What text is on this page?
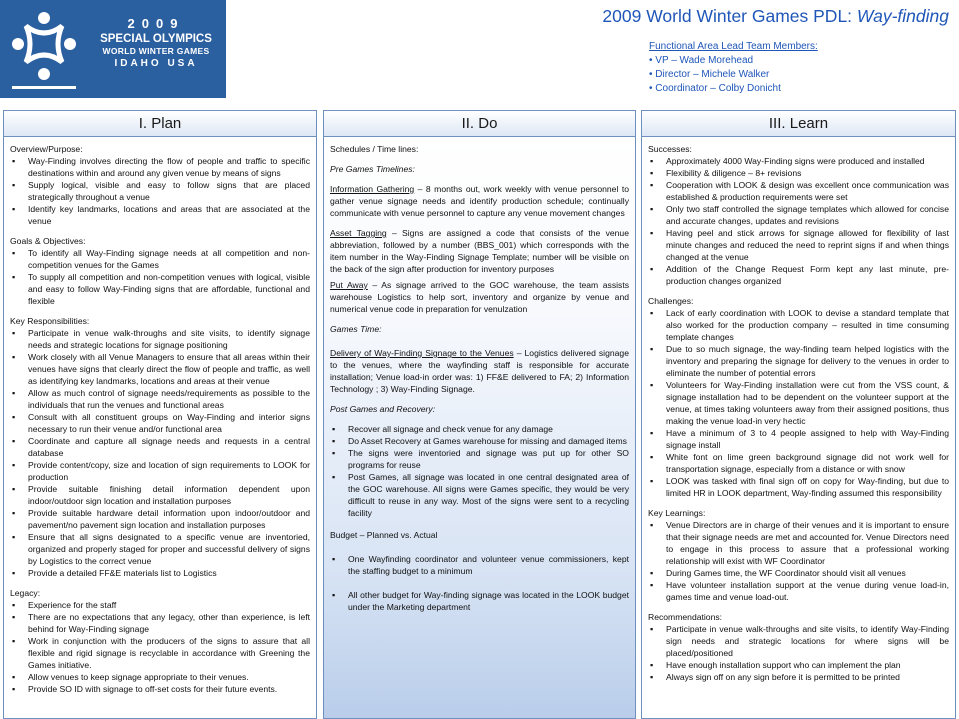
2009
SPECIAL OLYMPICS
WORLD WINTER GAMES
IDAHO USA
2009 World Winter Games PDL: Way-finding
Functional Area Lead Team Members:
• VP – Wade Morehead
• Director – Michele Walker
• Coordinator – Colby Donicht
I. Plan
Overview/Purpose:
▪ Way-Finding involves directing the flow of people and traffic to specific destinations within and around any given venue by means of signs
▪ Supply logical, visible and easy to follow signs that are placed strategically throughout a venue
▪ Identify key landmarks, locations and areas that are associated at the venue
Goals & Objectives:
▪ To identify all Way-Finding signage needs at all competition and non-competition venues for the Games
▪ To supply all competition and non-competition venues with logical, visible and easy to follow Way-Finding signs that are affordable, functional and flexible
Key Responsibilities:
▪ Participate in venue walk-throughs and site visits, to identify signage needs and strategic locations for signage positioning
▪ Work closely with all Venue Managers to ensure that all areas within their venues have signs that clearly direct the flow of people and traffic, as well as identifying key landmarks, locations and areas at their venue
▪ Allow as much control of signage needs/requirements as possible to the individuals that run the venues and functional areas
▪ Consult with all constituent groups on Way-Finding and interior signs necessary to run their venue and/or functional area
▪ Coordinate and capture all signage needs and requests in a central database
▪ Provide content/copy, size and location of sign requirements to LOOK for production
▪ Provide suitable finishing detail information dependent upon indoor/outdoor sign location and installation purposes
▪ Provide suitable hardware detail information upon indoor/outdoor and pavement/no pavement sign location and installation purposes
▪ Ensure that all signs designated to a specific venue are inventoried, organized and properly staged for proper and successful delivery of signs by Logistics to the correct venue
▪ Provide a detailed FF&E materials list to Logistics
Legacy:
▪ Experience for the staff
▪ There are no expectations that any legacy, other than experience, is left behind for Way-Finding signage
▪ Work in conjunction with the producers of the signs to assure that all flexible and rigid signage is recyclable in accordance with Greening the Games initiative.
▪ Allow venues to keep signage appropriate to their venues.
▪ Provide SO ID with signage to off-set costs for their future events.
II. Do
Schedules / Time lines:
Pre Games Timelines:
Information Gathering – 8 months out, work weekly with venue personnel to gather venue signage needs and identify production schedule; continually communicate with venue personnel to capture any venue movement changes
Asset Tagging – Signs are assigned a code that consists of the venue abbreviation, followed by a number (BBS_001) which corresponds with the item number in the Way-Finding Signage Template; number will be visible on the back of the sign after production for inventory purposes
Put Away – As signage arrived to the GOC warehouse, the team assists warehouse Logistics to help sort, inventory and organize by venue and numerical venue code in preparation for venulzation
Games Time:
Delivery of Way-Finding Signage to the Venues – Logistics delivered signage to the venues, where the wayfinding staff is responsible for accurate installation; Venue load-in order was: 1) FF&E delivered to FA; 2) Information Technology ; 3) Way-Finding Signage.
Post Games and Recovery:
▪ Recover all signage and check venue for any damage
▪ Do Asset Recovery at Games warehouse for missing and damaged items
▪ The signs were inventoried and signage was put up for other SO programs for reuse
▪ Post Games, all signage was located in one central designated area of the GOC warehouse. All signs were Games specific, they would be very difficult to reuse in any way. Most of the signs were sent to a recycling facility
Budget – Planned vs. Actual
▪ One Wayfinding coordinator and volunteer venue commissioners, kept the staffing budget to a minimum
▪ All other budget for Way-finding signage was located in the LOOK budget under the Marketing department
III. Learn
Successes:
▪ Approximately 4000 Way-Finding signs were produced and installed
▪ Flexibility & diligence – 8+ revisions
▪ Cooperation with LOOK & design was excellent once communication was established & production requirements were set
▪ Only two staff controlled the signage templates which allowed for concise and accurate changes, updates and revisions
▪ Having peel and stick arrows for signage allowed for flexibility of last minute changes and reduced the need to reprint signs if and when things changed at the venue
▪ Addition of the Change Request Form kept any last minute, pre-production changes organized
Challenges:
▪ Lack of early coordination with LOOK to devise a standard template that also worked for the production company – resulted in time consuming template changes
▪ Due to so much signage, the way-finding team helped logistics with the inventory and preparing the signage for delivery to the venues in order to eliminate the number of potential errors
▪ Volunteers for Way-Finding installation were cut from the VSS count, & signage installation had to be dependent on the volunteer support at the venue, at times taking volunteers away from their assigned positions, thus making the venue load-in very hectic
▪ Have a minimum of 3 to 4 people assigned to help with Way-Finding signage install
▪ White font on lime green background signage did not work well for transportation signage, especially from a distance or with snow
▪ LOOK was tasked with final sign off on copy for Way-finding, but due to limited HR in LOOK department, Way-finding assumed this responsibility
Key Learnings:
▪ Venue Directors are in charge of their venues and it is important to ensure that their signage needs are met and accounted for. Venue Directors need to engage in this process to assure that a professional working relationship will exist with WF Coordinator
▪ During Games time, the WF Coordinator should visit all venues
▪ Have volunteer installation support at the venue during venue load-in, games time and venue load-out.
Recommendations:
▪ Participate in venue walk-throughs and site visits, to identify Way-Finding sign needs and strategic locations for where signs will be placed/positioned
▪ Have enough installation support who can implement the plan
▪ Always sign off on any sign before it is permitted to be printed
